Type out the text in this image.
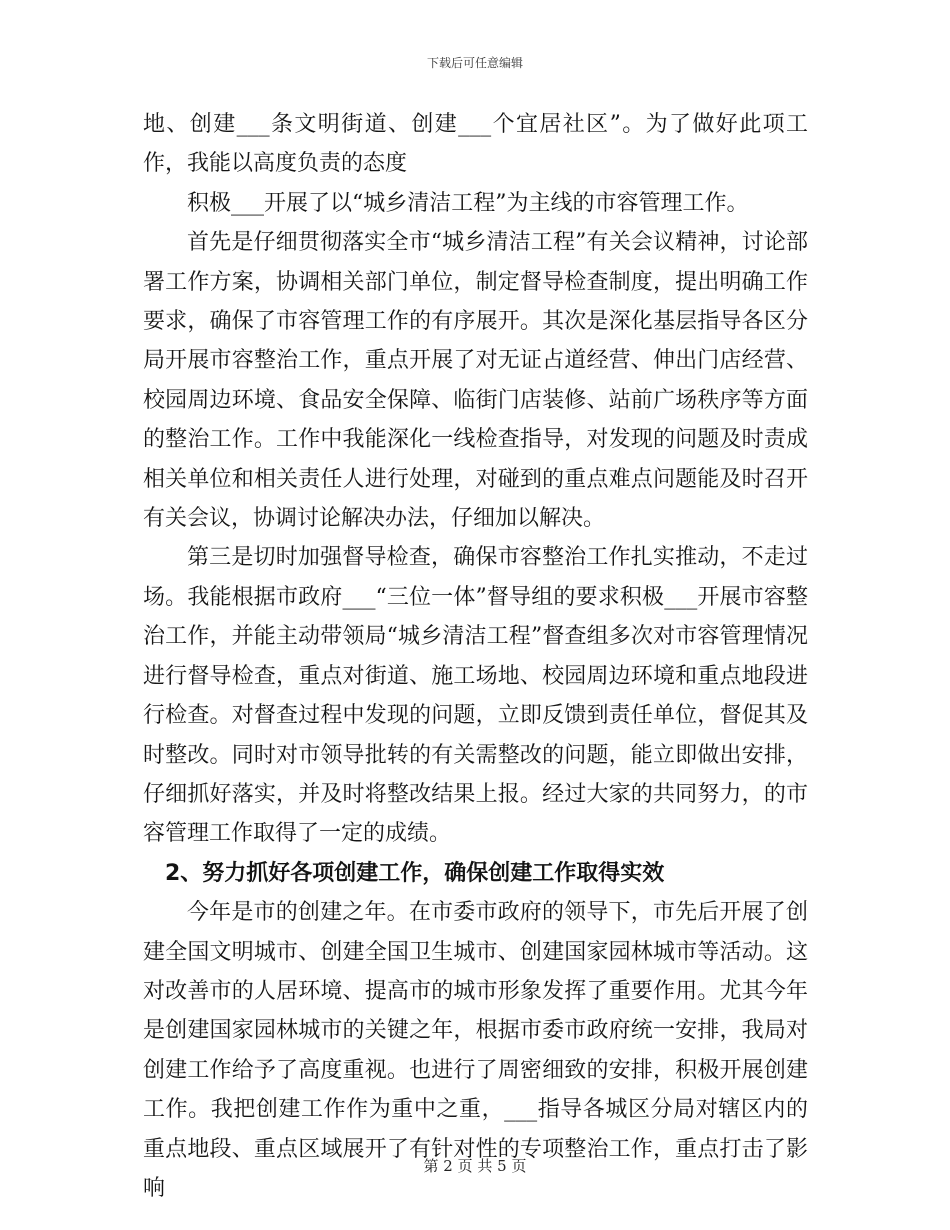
下载后可任意编辑

地、创建___条文明街道、创建___个宜居社区”。为了做好此项工作，我能以高度负责的态度

积极___开展了以“城乡清洁工程”为主线的市容管理工作。

首先是仔细贯彻落实全市“城乡清洁工程”有关会议精神，讨论部署工作方案，协调相关部门单位，制定督导检查制度，提出明确工作要求，确保了市容管理工作的有序展开。其次是深化基层指导各区分局开展市容整治工作，重点开展了对无证占道经营、伸出门店经营、校园周边环境、食品安全保障、临街门店装修、站前广场秩序等方面的整治工作。工作中我能深化一线检查指导，对发现的问题及时责成相关单位和相关责任人进行处理，对碰到的重点难点问题能及时召开有关会议，协调讨论解决办法，仔细加以解决。

第三是切时加强督导检查，确保市容整治工作扎实推动，不走过场。我能根据市政府___“三位一体”督导组的要求积极___开展市容整治工作，并能主动带领局“城乡清洁工程”督查组多次对市容管理情况进行督导检查，重点对街道、施工场地、校园周边环境和重点地段进行检查。对督查过程中发现的问题，立即反馈到责任单位，督促其及时整改。同时对市领导批转的有关需整改的问题，能立即做出安排，仔细抓好落实，并及时将整改结果上报。经过大家的共同努力，的市容管理工作取得了一定的成绩。

2、努力抓好各项创建工作，确保创建工作取得实效

今年是市的创建之年。在市委市政府的领导下，市先后开展了创建全国文明城市、创建全国卫生城市、创建国家园林城市等活动。这对改善市的人居环境、提高市的城市形象发挥了重要作用。尤其今年是创建国家园林城市的关键之年，根据市委市政府统一安排，我局对创建工作给予了高度重视。也进行了周密细致的安排，积极开展创建工作。我把创建工作作为重中之重，___指导各城区分局对辖区内的重点地段、重点区域展开了有针对性的专项整治工作，重点打击了影响

第 2 页 共 5 页
